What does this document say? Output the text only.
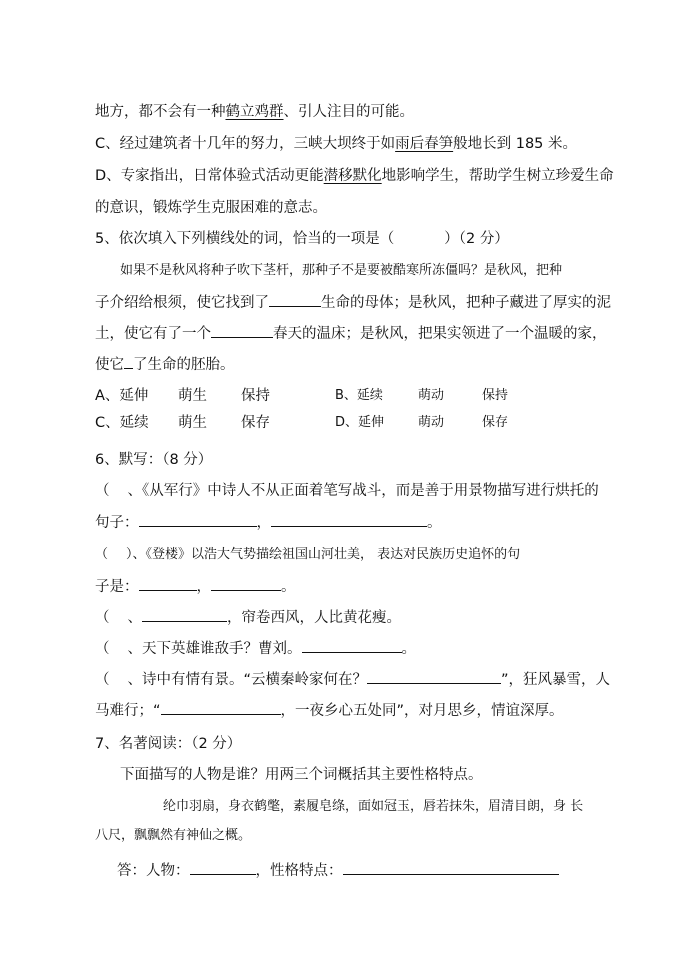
地方，都不会有一种鹤立鸡群、引人注目的可能。
C、经过建筑者十几年的努力，三峡大坝终于如雨后春笋般地长到 185 米。
D、专家指出，日常体验式活动更能潜移默化地影响学生，帮助学生树立珍爱生命
的意识，锻炼学生克服困难的意志。
5、依次填入下列横线处的词，恰当的一项是（	）（2 分）
如果不是秋风将种子吹下茎杆，那种子不是要被酷寒所冻僵吗？是秋风，把种
子介绍给根须，使它找到了	生命的母体；是秋风，把种子藏进了厚实的泥
土，使它有了一个	春天的温床；是秋风，把果实领进了一个温暖的家，
使它 了生命的胚胎。
A、延伸 萌生 保持	B、延续	萌动	保持
C、延续 萌生 保存	D、延伸	萌动	保存
6、默写：（8 分）
（ 、《从军行》中诗人不从正面着笔写战斗，而是善于用景物描写进行烘托的
句子：	，	。
（ ）、《登楼》以浩大气势描绘祖国山河壮美， 表达对民族历史追怀的句
子是：	，	。
（ 、	，帘卷西风，人比黄花瘦。
（ 、天下英雄谁敌手？曹刘。	。
（ 、诗中有情有景。“云横秦岭家何在？	”，狂风暴雪，人
马难行；“	，一夜乡心五处同”，对月思乡，情谊深厚。
7、名著阅读：（2 分）
下面描写的人物是谁？用两三个词概括其主要性格特点。
纶巾羽扇，身衣鹤氅，素履皂绦，面如冠玉，唇若抹朱，眉清目朗，身 长
八尺，飘飘然有神仙之概。
答：人物：	，性格特点：
